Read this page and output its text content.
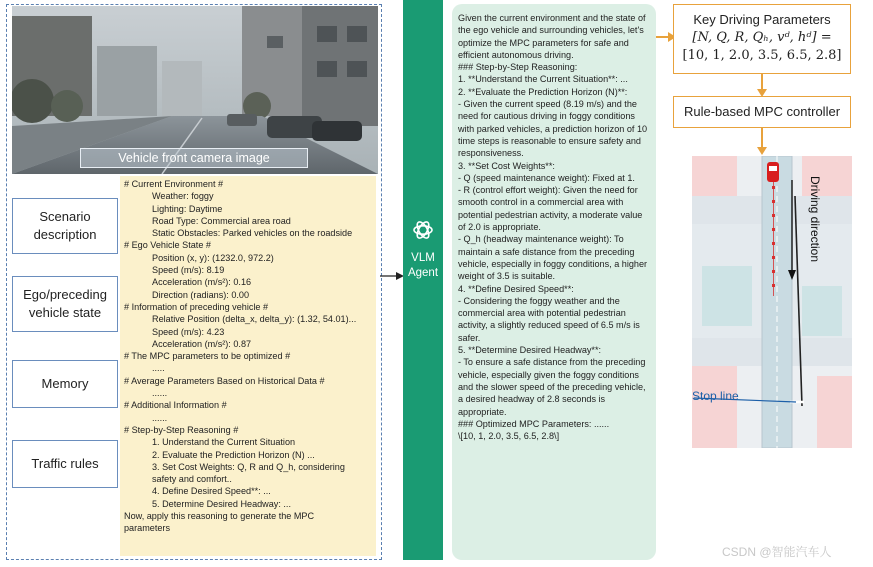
Vehicle front camera image
Scenario description
Ego/preceding vehicle state
Memory
Traffic rules
# Current Environment #
Weather: foggy
Lighting: Daytime
Road Type: Commercial area road
Static Obstacles: Parked vehicles on the roadside
# Ego Vehicle State #
Position (x, y): (1232.0, 972.2)
Speed (m/s): 8.19
Acceleration (m/s²): 0.16
Direction (radians): 0.00
# Information of preceding vehicle #
Relative Position (delta_x, delta_y): (1.32, 54.01)...
Speed (m/s): 4.23
Acceleration (m/s²): 0.87
# The MPC parameters to be optimized #
.....
# Average Parameters Based on Historical Data #
......
# Additional Information #
......
# Step-by-Step Reasoning #
1. Understand the Current Situation
2. Evaluate the Prediction Horizon (N) ...
3. Set Cost Weights: Q, R and Q_h, considering
safety and comfort..
4. Define Desired Speed**: ...
5. Determine Desired Headway: ...
Now, apply this reasoning to generate the MPC
parameters
VLM
Agent
Given the current environment and the state of the ego vehicle and surrounding vehicles, let's optimize the MPC parameters for safe and efficient autonomous driving.
### Step-by-Step Reasoning:
1. **Understand the Current Situation**: ...
2. **Evaluate the Prediction Horizon (N)**:
- Given the current speed (8.19 m/s) and the need for cautious driving in foggy conditions with parked vehicles, a prediction horizon of 10 time steps is reasonable to ensure safety and responsiveness.
3. **Set Cost Weights**:
- Q (speed maintenance weight): Fixed at 1.
- R (control effort weight): Given the need for smooth control in a commercial area with potential pedestrian activity, a moderate value of 2.0 is appropriate.
- Q_h (headway maintenance weight): To maintain a safe distance from the preceding vehicle, especially in foggy conditions, a higher weight of 3.5 is suitable.
4. **Define Desired Speed**:
- Considering the foggy weather and the commercial area with potential pedestrian activity, a slightly reduced speed of 6.5 m/s is safer.
5. **Determine Desired Headway**:
- To ensure a safe distance from the preceding vehicle, especially given the foggy conditions and the slower speed of the preceding vehicle, a desired headway of 2.8 seconds is appropriate.
### Optimized MPC Parameters: ......
\[10, 1, 2.0, 3.5, 6.5, 2.8\]
Key Driving Parameters
[N, Q, R, Qₕ, vᵈ, hᵈ] =
[10, 1, 2.0, 3.5, 6.5, 2.8]
Rule-based MPC controller
Driving direction
Stop line
CSDN @智能汽车人
